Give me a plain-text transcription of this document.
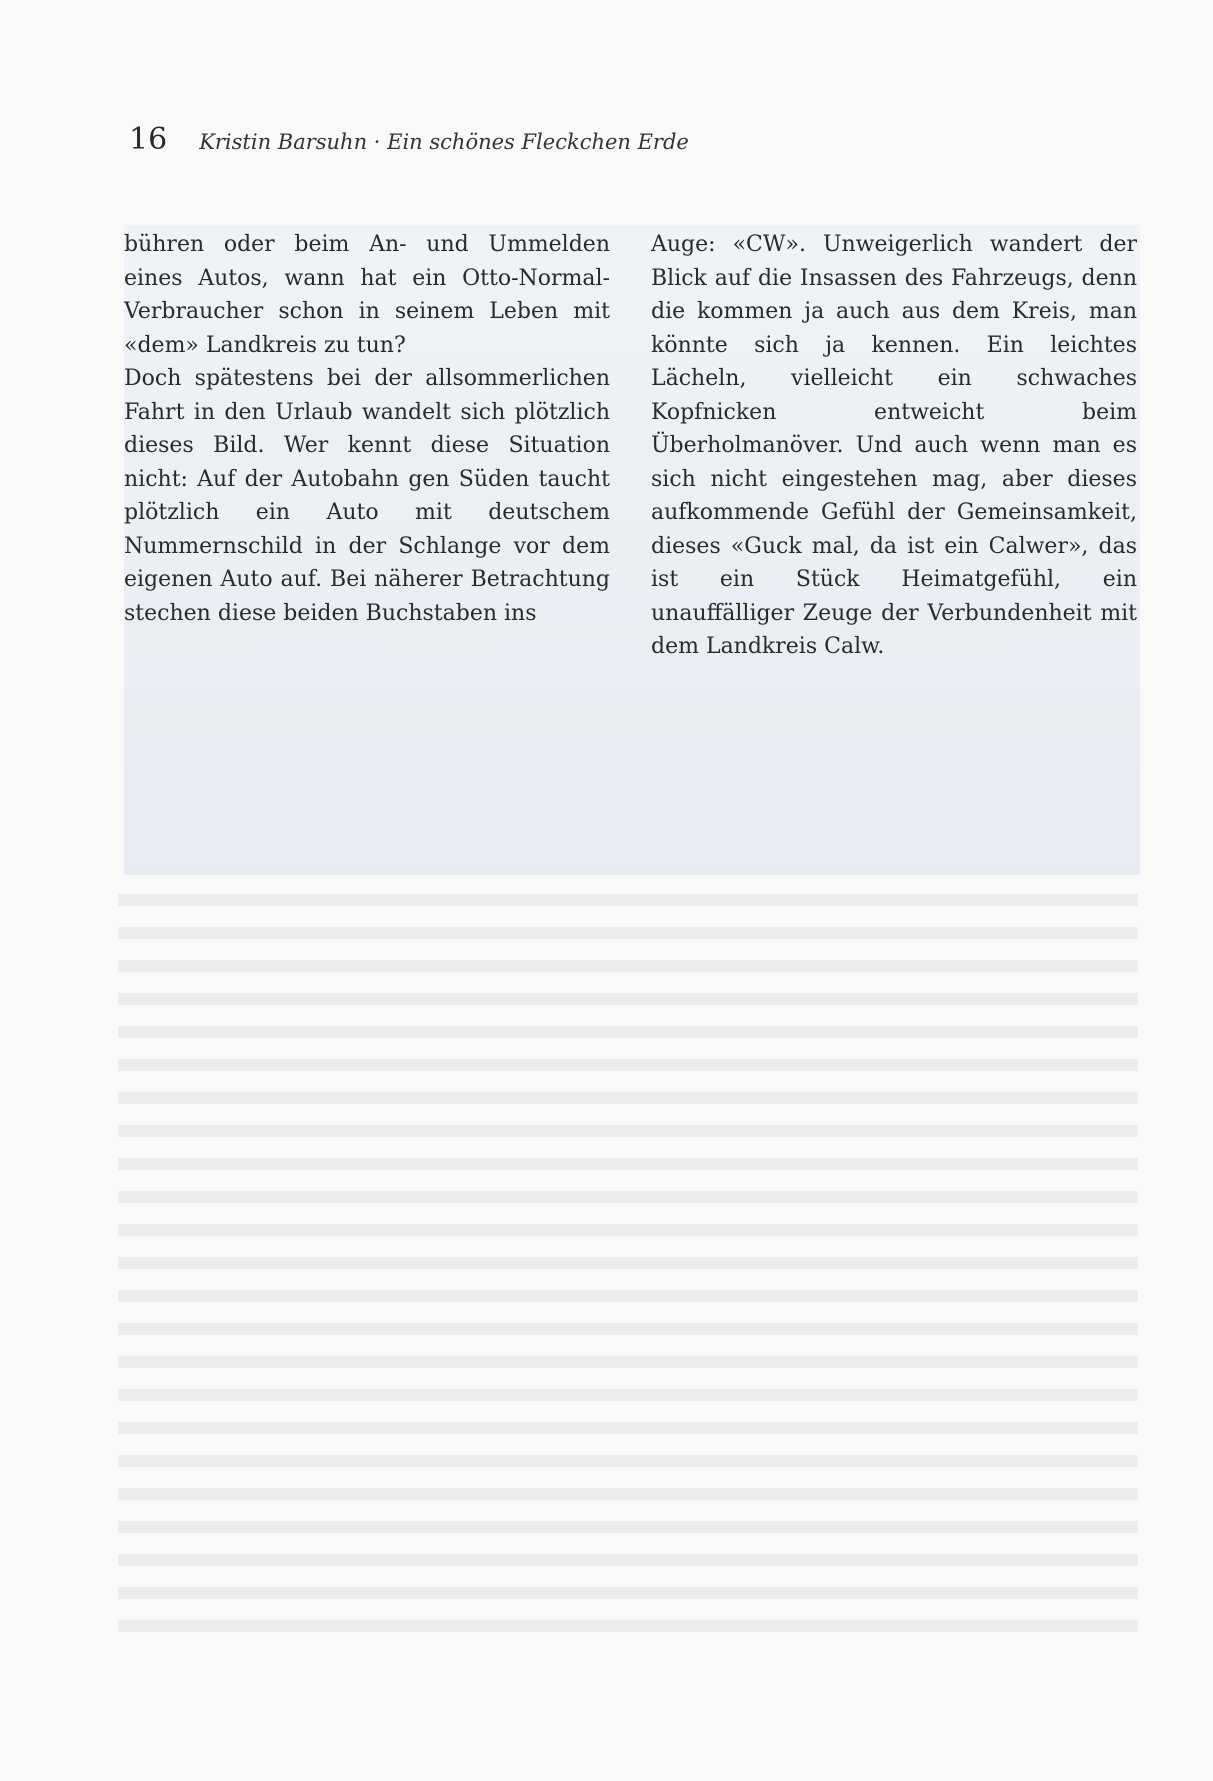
16 Kristin Barsuhn · Ein schönes Fleckchen Erde

bühren oder beim An- und Ummelden eines Autos, wann hat ein Otto-Normal-Verbraucher schon in seinem Leben mit «dem» Landkreis zu tun?

Doch spätestens bei der allsommerlichen Fahrt in den Urlaub wandelt sich plötzlich dieses Bild. Wer kennt diese Situation nicht: Auf der Autobahn gen Süden taucht plötzlich ein Auto mit deutschem Nummernschild in der Schlange vor dem eigenen Auto auf. Bei näherer Betrachtung stechen diese beiden Buchstaben ins

Auge: «CW». Unweigerlich wandert der Blick auf die Insassen des Fahrzeugs, denn die kommen ja auch aus dem Kreis, man könnte sich ja kennen. Ein leichtes Lächeln, vielleicht ein schwaches Kopfnicken entweicht beim Überholmanöver. Und auch wenn man es sich nicht eingestehen mag, aber dieses aufkommende Gefühl der Gemeinsamkeit, dieses «Guck mal, da ist ein Calwer», das ist ein Stück Heimatgefühl, ein unauffälliger Zeuge der Verbundenheit mit dem Landkreis Calw.
